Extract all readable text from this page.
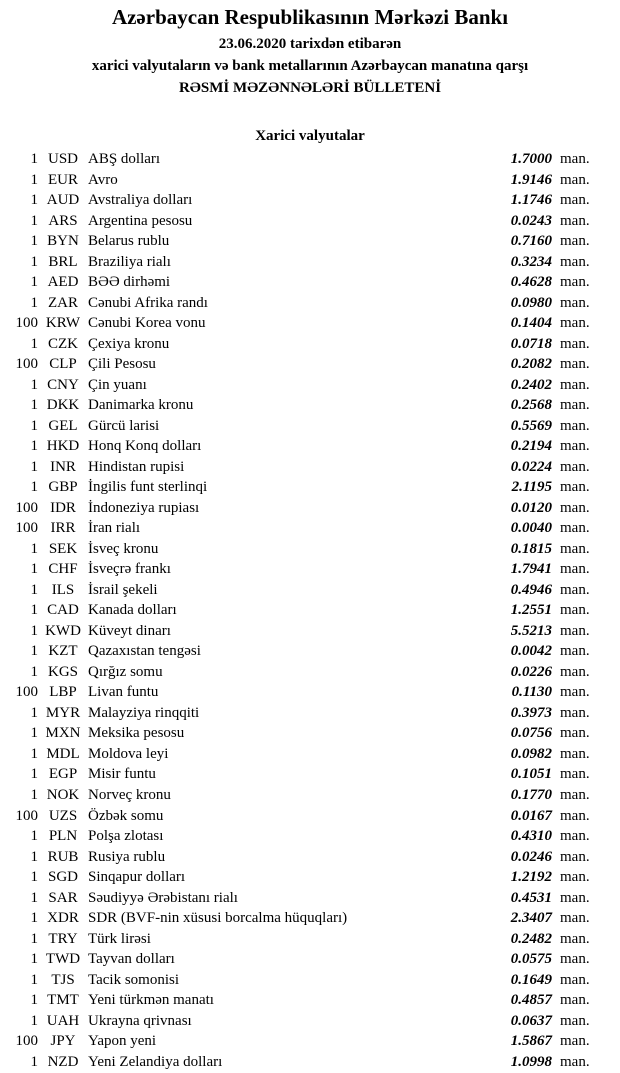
Azərbaycan Respublikasının Mərkəzi Bankı
23.06.2020 tarixdən etibarən
xarici valyutaların və bank metallarının Azərbaycan manatına qarşı
RƏSMİ MƏZƏNNƏLƏRİ BÜLLETENİ
Xarici valyutalar
1 USD ABŞ dolları	1.7000 man.
1 EUR Avro	1.9146 man.
1 AUD Avstraliya dolları	1.1746 man.
1 ARS Argentina pesosu	0.0243 man.
1 BYN Belarus rublu	0.7160 man.
1 BRL Braziliya rialı	0.3234 man.
1 AED BƏƏ dirhəmi	0.4628 man.
1 ZAR Cənubi Afrika randı	0.0980 man.
100 KRW Cənubi Korea vonu	0.1404 man.
1 CZK Çexiya kronu	0.0718 man.
100 CLP Çili Pesosu	0.2082 man.
1 CNY Çin yuanı	0.2402 man.
1 DKK Danimarka kronu	0.2568 man.
1 GEL Gürcü larisi	0.5569 man.
1 HKD Honq Konq dolları	0.2194 man.
1 INR Hindistan rupisi	0.0224 man.
1 GBP İngilis funt sterlinqi	2.1195 man.
100 IDR İndoneziya rupiası	0.0120 man.
100 IRR İran rialı	0.0040 man.
1 SEK İsveç kronu	0.1815 man.
1 CHF İsveçrə frankı	1.7941 man.
1 ILS İsrail şekeli	0.4946 man.
1 CAD Kanada dolları	1.2551 man.
1 KWD Küveyt dinarı	5.5213 man.
1 KZT Qazaxıstan tengəsi	0.0042 man.
1 KGS Qırğız somu	0.0226 man.
100 LBP Livan funtu	0.1130 man.
1 MYR Malayziya rinqqiti	0.3973 man.
1 MXN Meksika pesosu	0.0756 man.
1 MDL Moldova leyi	0.0982 man.
1 EGP Misir funtu	0.1051 man.
1 NOK Norveç kronu	0.1770 man.
100 UZS Özbək somu	0.0167 man.
1 PLN Polşa zlotası	0.4310 man.
1 RUB Rusiya rublu	0.0246 man.
1 SGD Sinqapur dolları	1.2192 man.
1 SAR Səudiyyə Ərəbistanı rialı	0.4531 man.
1 XDR SDR (BVF-nin xüsusi borcalma hüquqları)	2.3407 man.
1 TRY Türk lirəsi	0.2482 man.
1 TWD Tayvan dolları	0.0575 man.
1 TJS Tacik somonisi	0.1649 man.
1 TMT Yeni türkmən manatı	0.4857 man.
1 UAH Ukrayna qrivnası	0.0637 man.
100 JPY Yapon yeni	1.5867 man.
1 NZD Yeni Zelandiya dolları	1.0998 man.
